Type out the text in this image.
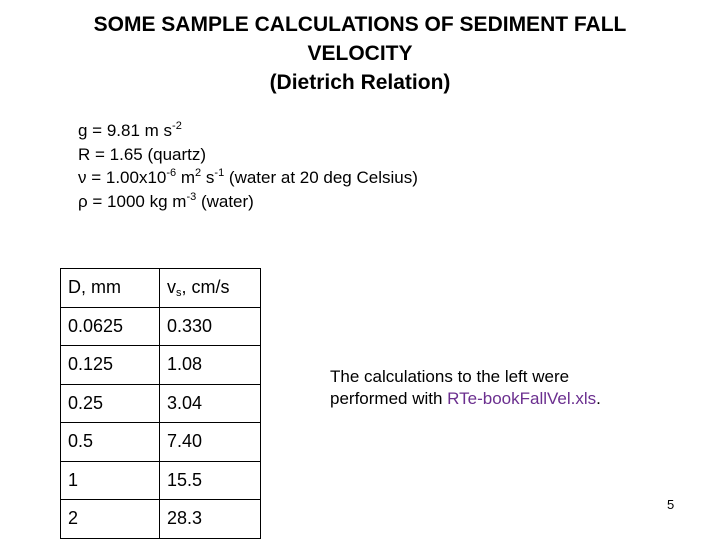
SOME SAMPLE CALCULATIONS OF SEDIMENT FALL
VELOCITY
(Dietrich Relation)
g = 9.81 m $s^{-2}$
R = 1.65 (quartz)
$\nu = 1.00x10^{-6}$ $m^2$ $s^{-1}$ (water at 20 deg Celsius)
ρ = 1000 kg $m^{-3}$ (water)
D, mm	$v_s$, cm/s
0.0625	0.330
0.125	1.08
0.25	3.04
0.5	7.40
1	15.5
2	28.3
The calculations to the left were
performed with RTe-bookFallVel.xls.
5
